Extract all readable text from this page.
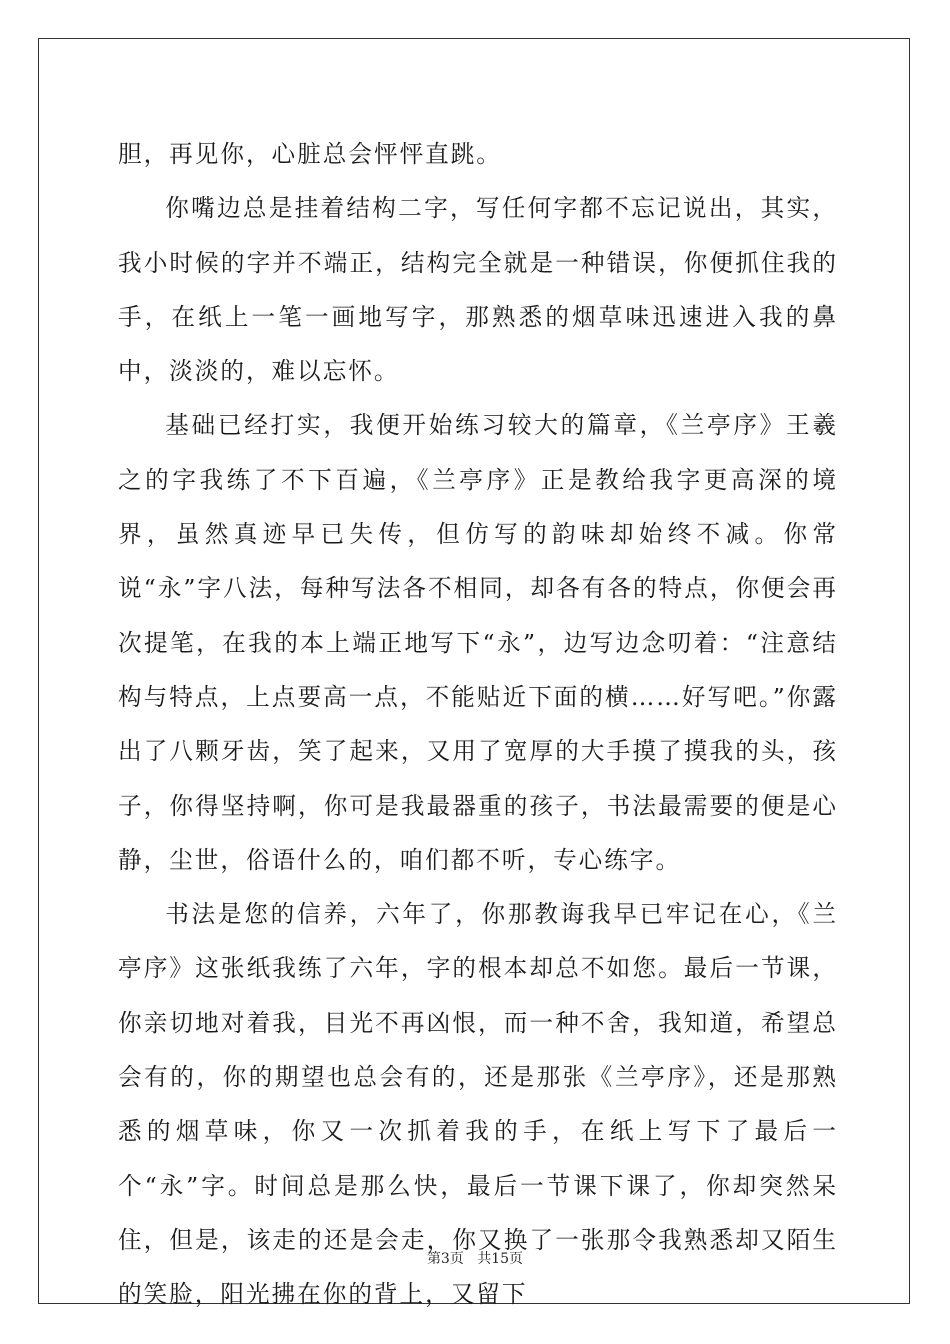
胆，再见你，心脏总会怦怦直跳。

你嘴边总是挂着结构二字，写任何字都不忘记说出，其实，我小时候的字并不端正，结构完全就是一种错误，你便抓住我的手，在纸上一笔一画地写字，那熟悉的烟草味迅速进入我的鼻中，淡淡的，难以忘怀。

基础已经打实，我便开始练习较大的篇章，《兰亭序》王羲之的字我练了不下百遍，《兰亭序》正是教给我字更高深的境界，虽然真迹早已失传，但仿写的韵味却始终不减。你常说“永”字八法，每种写法各不相同，却各有各的特点，你便会再次提笔，在我的本上端正地写下“永”，边写边念叨着：“注意结构与特点，上点要高一点，不能贴近下面的横……好写吧。”你露出了八颗牙齿，笑了起来，又用了宽厚的大手摸了摸我的头，孩子，你得坚持啊，你可是我最器重的孩子，书法最需要的便是心静，尘世，俗语什么的，咱们都不听，专心练字。

书法是您的信养，六年了，你那教诲我早已牢记在心，《兰亭序》这张纸我练了六年，字的根本却总不如您。最后一节课，你亲切地对着我，目光不再凶恨，而一种不舍，我知道，希望总会有的，你的期望也总会有的，还是那张《兰亭序》，还是那熟悉的烟草味，你又一次抓着我的手，在纸上写下了最后一个“永”字。时间总是那么快，最后一节课下课了，你却突然呆住，但是，该走的还是会走，你又换了一张那令我熟悉却又陌生的笑脸，阳光拂在你的背上，又留下

第3页 共15页
